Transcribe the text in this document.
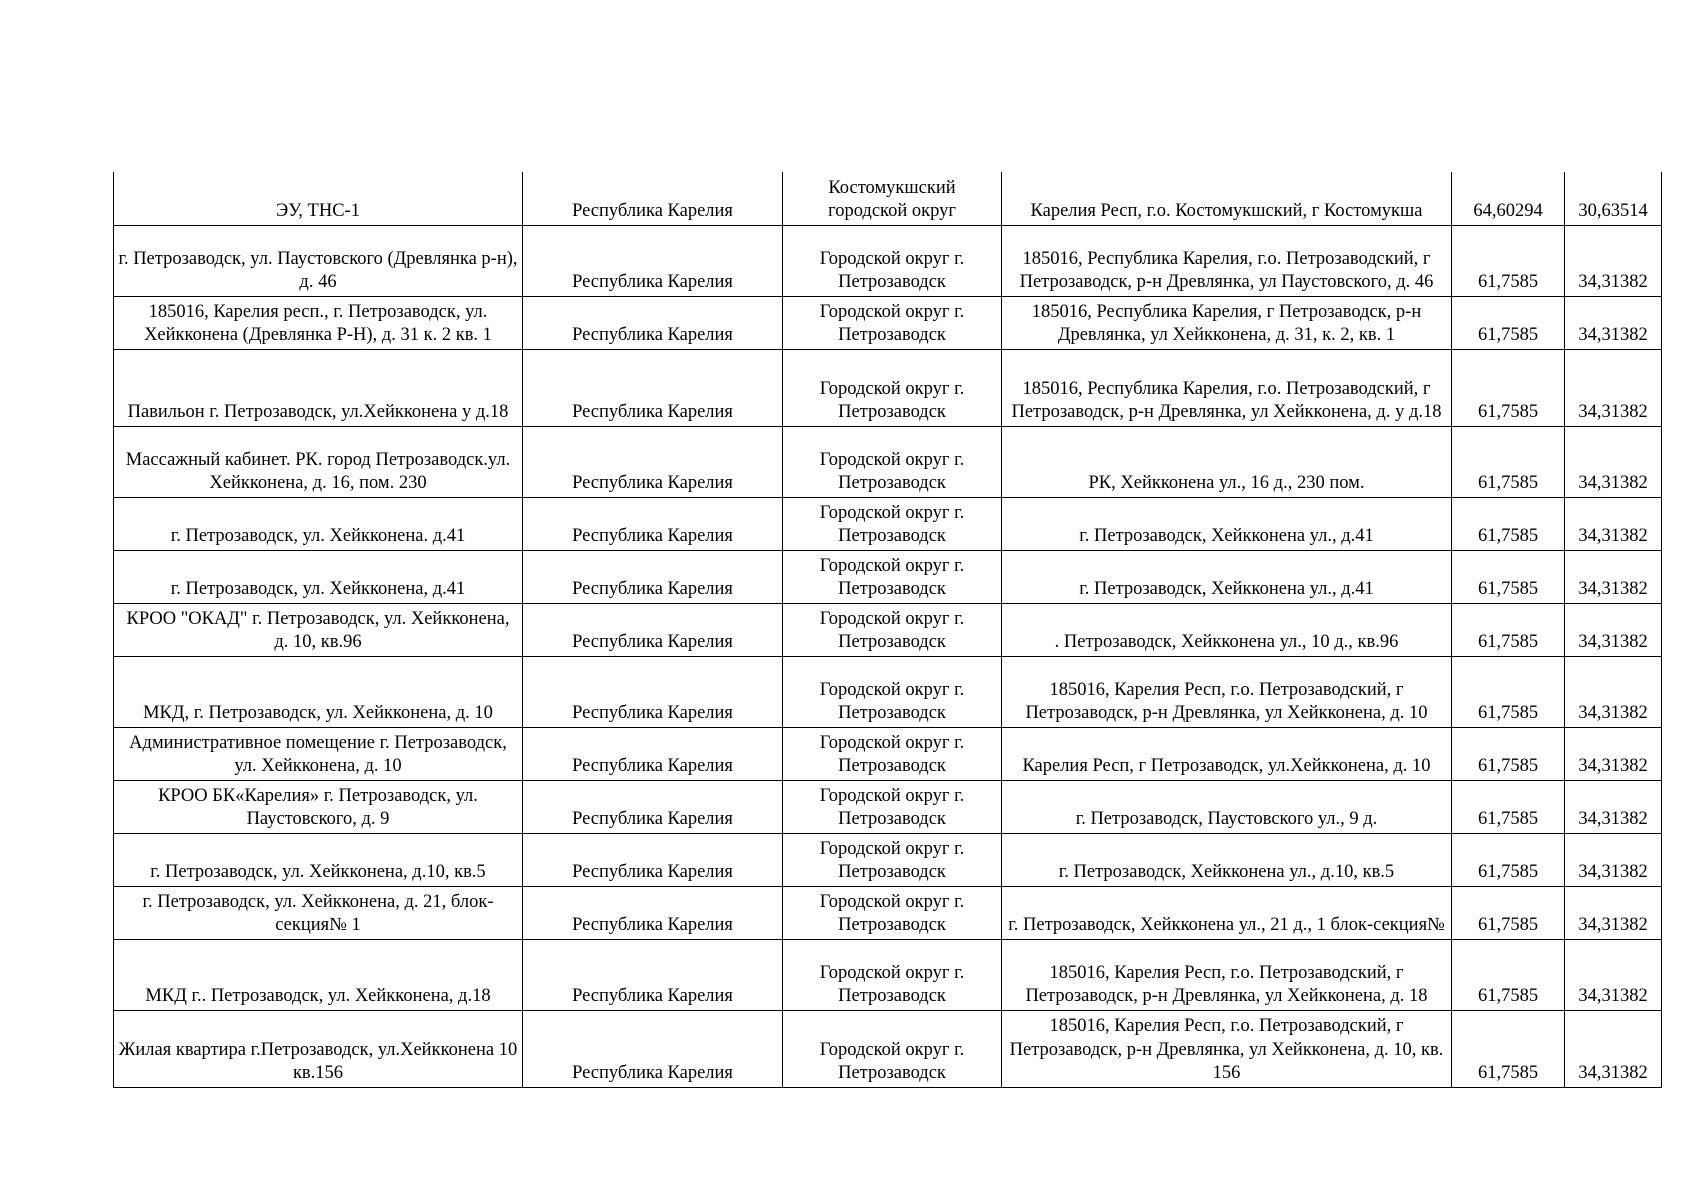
ЭУ, ТНС-1	Республика Карелия	Костомукшский городской округ	Карелия Респ, г.о. Костомукшский, г Костомукша	64,60294	30,63514
г. Петрозаводск, ул. Паустовского (Древлянка р-н), д. 46	Республика Карелия	Городской округ г. Петрозаводск	185016, Республика Карелия, г.о. Петрозаводский, г Петрозаводск, р-н Древлянка, ул Паустовского, д. 46	61,7585	34,31382
185016, Карелия респ., г. Петрозаводск, ул. Хейкконена (Древлянка Р-Н), д. 31 к. 2 кв. 1	Республика Карелия	Городской округ г. Петрозаводск	185016, Республика Карелия, г Петрозаводск, р-н Древлянка, ул Хейкконена, д. 31, к. 2, кв. 1	61,7585	34,31382
Павильон г. Петрозаводск, ул.Хейкконена у д.18	Республика Карелия	Городской округ г. Петрозаводск	185016, Республика Карелия, г.о. Петрозаводский, г Петрозаводск, р-н Древлянка, ул Хейкконена, д. у д.18	61,7585	34,31382
Массажный кабинет. РК. город Петрозаводск.ул. Хейкконена, д. 16, пом. 230	Республика Карелия	Городской округ г. Петрозаводск	РК, Хейкконена ул., 16 д., 230 пом.	61,7585	34,31382
г. Петрозаводск, ул. Хейкконена. д.41	Республика Карелия	Городской округ г. Петрозаводск	г. Петрозаводск, Хейкконена ул., д.41	61,7585	34,31382
г. Петрозаводск, ул. Хейкконена, д.41	Республика Карелия	Городской округ г. Петрозаводск	г. Петрозаводск, Хейкконена ул., д.41	61,7585	34,31382
КРОО "ОКАД" г. Петрозаводск, ул. Хейкконена, д. 10, кв.96	Республика Карелия	Городской округ г. Петрозаводск	. Петрозаводск, Хейкконена ул., 10 д., кв.96	61,7585	34,31382
МКД, г. Петрозаводск, ул. Хейкконена, д. 10	Республика Карелия	Городской округ г. Петрозаводск	185016, Карелия Респ, г.о. Петрозаводский, г Петрозаводск, р-н Древлянка, ул Хейкконена, д. 10	61,7585	34,31382
Административное помещение г. Петрозаводск, ул. Хейкконена, д. 10	Республика Карелия	Городской округ г. Петрозаводск	Карелия Респ, г Петрозаводск, ул.Хейкконена, д. 10	61,7585	34,31382
КРОО БК«Карелия» г. Петрозаводск, ул. Паустовского, д. 9	Республика Карелия	Городской округ г. Петрозаводск	г. Петрозаводск, Паустовского ул., 9 д.	61,7585	34,31382
г. Петрозаводск, ул. Хейкконена, д.10, кв.5	Республика Карелия	Городской округ г. Петрозаводск	г. Петрозаводск, Хейкконена ул., д.10, кв.5	61,7585	34,31382
г. Петрозаводск, ул. Хейкконена, д. 21, блок-секция№ 1	Республика Карелия	Городской округ г. Петрозаводск	г. Петрозаводск, Хейкконена ул., 21 д., 1 блок-секция№	61,7585	34,31382
МКД г.. Петрозаводск, ул. Хейкконена, д.18	Республика Карелия	Городской округ г. Петрозаводск	185016, Карелия Респ, г.о. Петрозаводский, г Петрозаводск, р-н Древлянка, ул Хейкконена, д. 18	61,7585	34,31382
Жилая квартира г.Петрозаводск, ул.Хейкконена 10 кв.156	Республика Карелия	Городской округ г. Петрозаводск	185016, Карелия Респ, г.о. Петрозаводский, г Петрозаводск, р-н Древлянка, ул Хейкконена, д. 10, кв. 156	61,7585	34,31382
